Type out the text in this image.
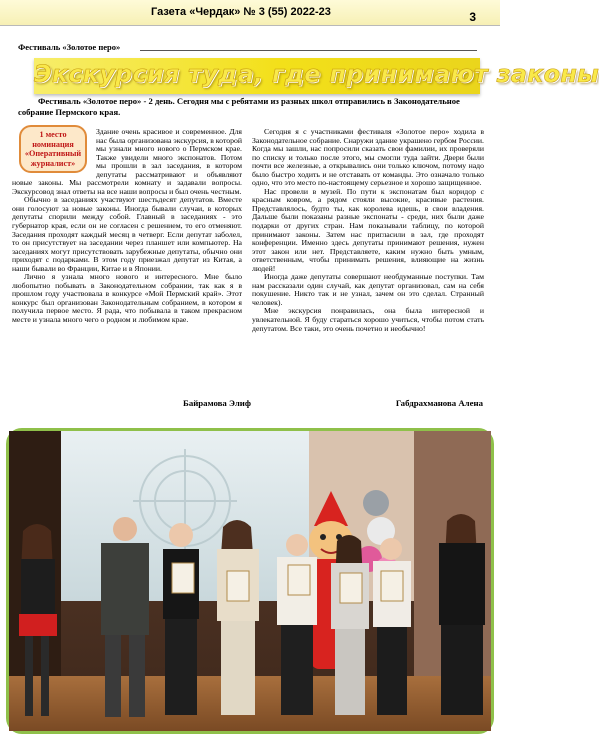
Газета «Чердак» № 3 (55) 2022-23	3
Фестиваль «Золотое перо»
Экскурсия туда, где принимают законы
Фестиваль «Золотое перо» - 2 день. Сегодня мы с ребятами из разных школ отправились в Законодательное собрание Пермского края.
1 место
номинация
«Оперативный
журналист»

Здание очень красивое и современное. Для нас была организована экскурсия, в которой мы узнали много нового о Пермском крае. Также увидели много экспонатов. Потом мы прошли в зал заседания, в котором депутаты рассматривают и объявляют новые законы. Мы рассмотрели комнату и задавали вопросы. Экскурсовод знал ответы на все наши вопросы и был очень честным.

Обычно в заседаниях участвуют шестьдесят депутатов. Вместе они голосуют за новые законы. Иногда бывали случаи, в которых депутаты спорили между собой. Главный в заседаниях - это губернатор края, если он не согласен с решением, то его отменяют. Заседания проходят каждый месяц в четверг. Если депутат заболел, то он присутствует на заседании через планшет или компьютер. На заседаниях могут присутствовать зарубежные депутаты, обычно они приходят с подарками. В этом году приезжал депутат из Китая, а наши бывали во Франции, Китае и в Японии.

Лично я узнала много нового и интересного. Мне было любопытно побывать в Законодательном собрании, так как я в прошлом году участвовала в конкурсе «Мой Пермский край». Этот конкурс был организован Законодательным собранием, в котором я получила первое место. Я рада, что побывала в таком прекрасном месте и узнала много чего о родном и любимом крае.

Сегодня я с участниками фестиваля «Золотое перо» ходила в Законодательное собрание. Снаружи здание украшено гербом России. Когда мы зашли, нас попросили сказать свои фамилии, их проверяли по списку и только после этого, мы смогли туда зайти. Двери были почти все железные, а открывались они только ключом, потому надо было быстро ходить и не отставать от команды. Это означало только одно, что это место по-настоящему серьезное и хорошо защищенное.

Нас провели в музей. По пути к экспонатам был коридор с красным ковром, а рядом стояли высокие, красивые растения. Представлялось, будто ты, как королева идешь, в свои владения. Дальше были показаны разные экспонаты - среди, них были даже подарки от других стран. Нам показывали таблицу, по которой принимают законы. Затем нас пригласили в зал, где проходят конференции. Именно здесь депутаты принимают решения, нужен этот закон или нет. Представляете, каким нужно быть умным, ответственным, чтобы принимать решения, влияющие на жизнь людей!

Иногда даже депутаты совершают необдуманные поступки. Там нам рассказали один случай, как депутат организовал, сам на себя покушение. Никто так и не узнал, зачем он это сделал. Странный человек).

Мне экскурсия понравилась, она была интересной и увлекательной. Я буду стараться хорошо учиться, чтобы потом стать депутатом. Все таки, это очень почетно и необычно!

Байрамова Элиф	Габдрахманова Алена
